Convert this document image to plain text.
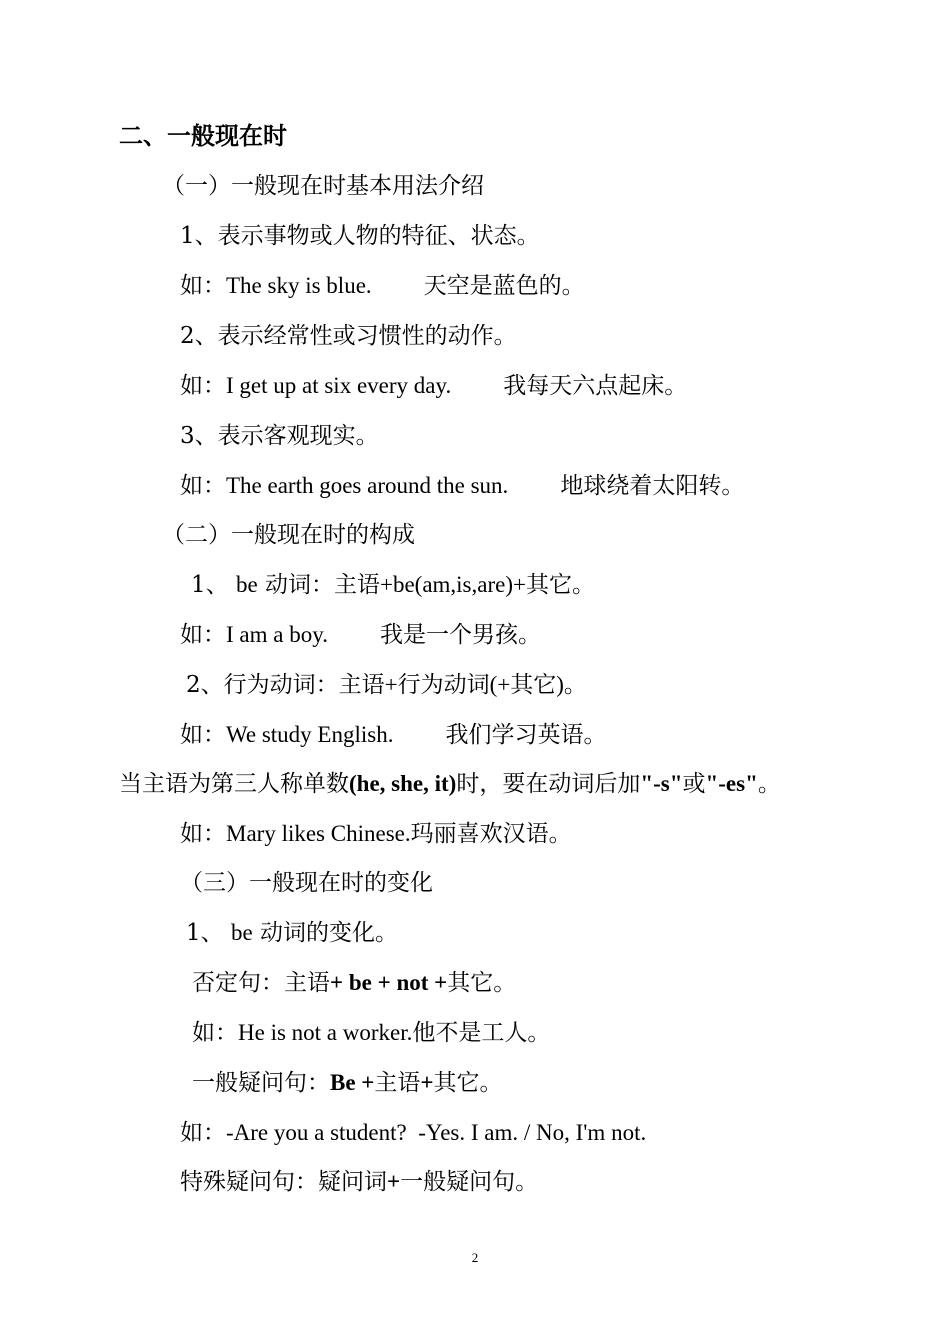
二、一般现在时
（一）一般现在时基本用法介绍
1、表示事物或人物的特征、状态。
如：The sky is blue. 天空是蓝色的。
2、表示经常性或习惯性的动作。
如：I get up at six every day. 我每天六点起床。
3、表示客观现实。
如：The earth goes around the sun. 地球绕着太阳转。
（二）一般现在时的构成
1、 be 动词：主语+be(am,is,are)+其它。
如：I am a boy. 我是一个男孩。
2、行为动词：主语+行为动词(+其它)。
如：We study English. 我们学习英语。
当主语为第三人称单数(he, she, it)时，要在动词后加"-s"或"-es"。
如：Mary likes Chinese.玛丽喜欢汉语。
（三）一般现在时的变化
1、 be 动词的变化。
否定句：主语+ be + not +其它。
如：He is not a worker.他不是工人。
一般疑问句：Be +主语+其它。
如：-Are you a student?  -Yes. I am. / No, I'm not.
特殊疑问句：疑问词+一般疑问句。
2
